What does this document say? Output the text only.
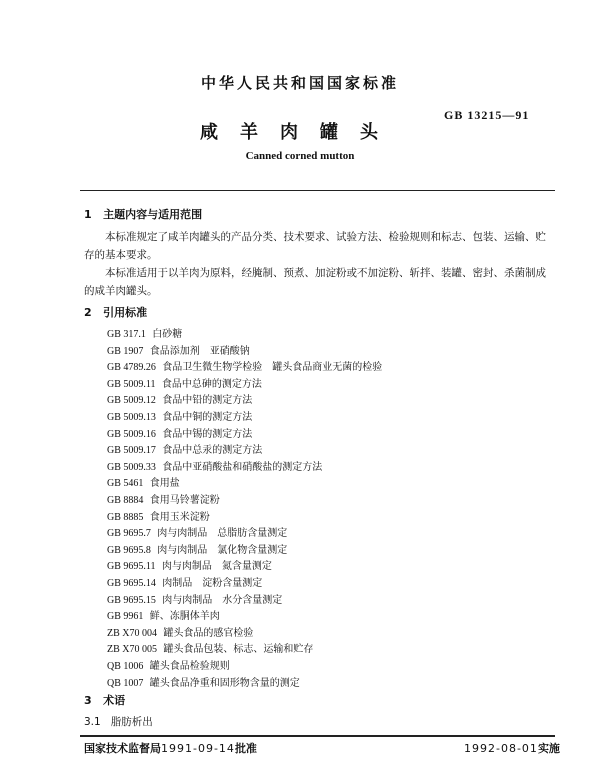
中华人民共和国国家标准
GB 13215—91
咸羊肉罐头
Canned corned mutton
1 主题内容与适用范围
本标准规定了咸羊肉罐头的产品分类、技术要求、试验方法、检验规则和标志、包装、运输、贮存的基本要求。
本标准适用于以羊肉为原料，经腌制、预煮、加淀粉或不加淀粉、斩拌、装罐、密封、杀菌制成的咸羊肉罐头。
2 引用标准
GB 317.1 白砂糖
GB 1907 食品添加剂　亚硝酸钠
GB 4789.26 食品卫生微生物学检验　罐头食品商业无菌的检验
GB 5009.11 食品中总砷的测定方法
GB 5009.12 食品中铅的测定方法
GB 5009.13 食品中铜的测定方法
GB 5009.16 食品中锡的测定方法
GB 5009.17 食品中总汞的测定方法
GB 5009.33 食品中亚硝酸盐和硝酸盐的测定方法
GB 5461 食用盐
GB 8884 食用马铃薯淀粉
GB 8885 食用玉米淀粉
GB 9695.7 肉与肉制品　总脂肪含量测定
GB 9695.8 肉与肉制品　氯化物含量测定
GB 9695.11 肉与肉制品　氮含量测定
GB 9695.14 肉制品　淀粉含量测定
GB 9695.15 肉与肉制品　水分含量测定
GB 9961 鲜、冻胴体羊肉
ZB X70 004 罐头食品的感官检验
ZB X70 005 罐头食品包装、标志、运输和贮存
QB 1006 罐头食品检验规则
QB 1007 罐头食品净重和固形物含量的测定
3 术语
3.1 脂肪析出
国家技术监督局1991-09-14批准	1992-08-01实施
